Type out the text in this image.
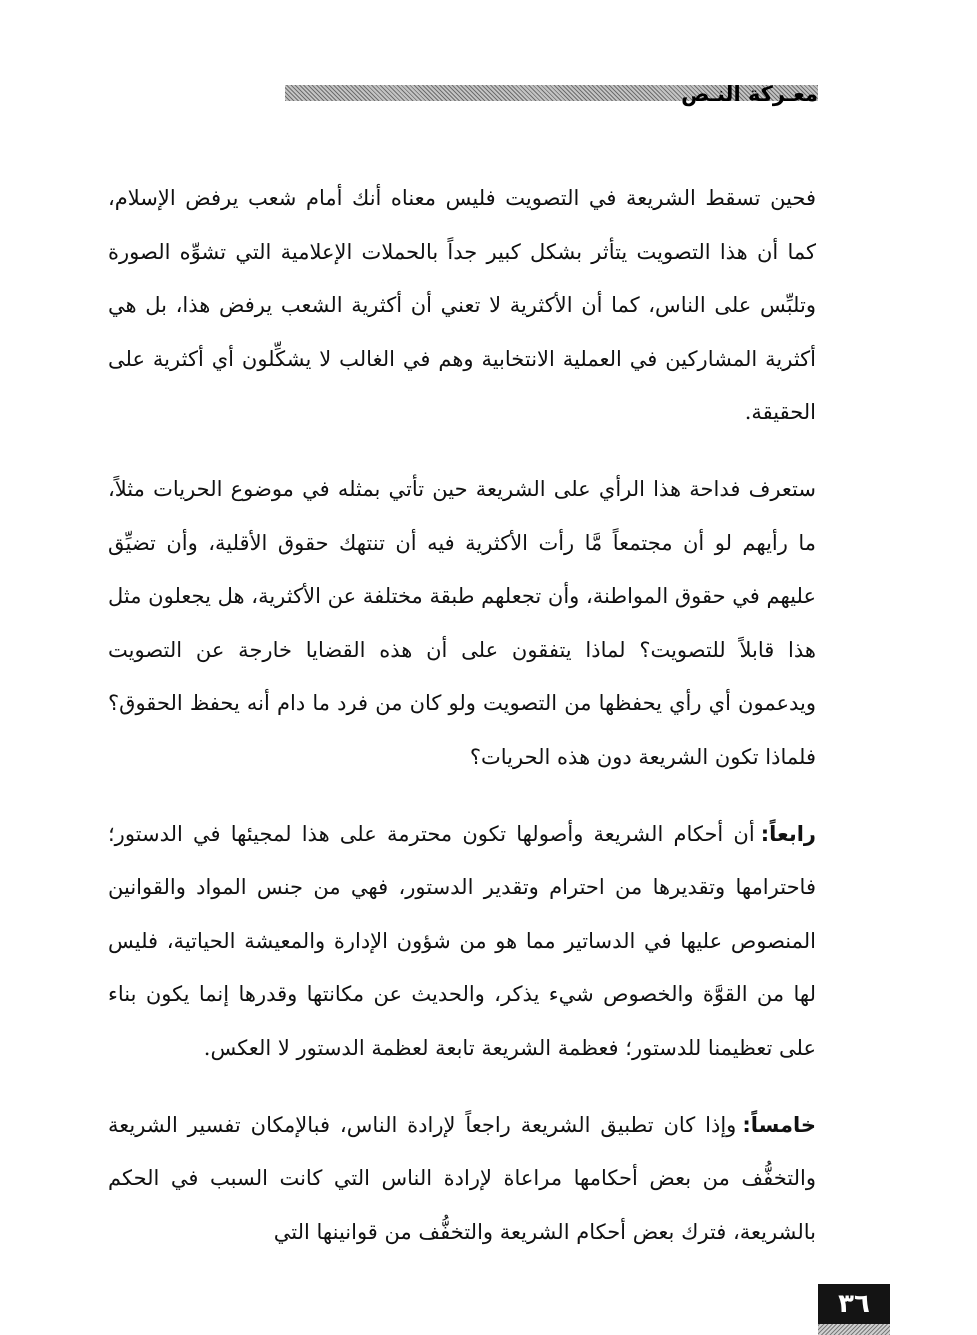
معـركة النـص

فحين تسقط الشريعة في التصويت فليس معناه أنك أمام شعب يرفض الإسلام، كما أن هذا التصويت يتأثر بشكل كبير جداً بالحملات الإعلامية التي تشوِّه الصورة وتلبِّس على الناس، كما أن الأكثرية لا تعني أن أكثرية الشعب يرفض هذا، بل هي أكثرية المشاركين في العملية الانتخابية وهم في الغالب لا يشكِّلون أي أكثرية على الحقيقة.

ستعرف فداحة هذا الرأي على الشريعة حين تأتي بمثله في موضوع الحريات مثلاً، ما رأيهم لو أن مجتمعاً مَّا رأت الأكثرية فيه أن تنتهك حقوق الأقلية، وأن تضيِّق عليهم في حقوق المواطنة، وأن تجعلهم طبقة مختلفة عن الأكثرية، هل يجعلون مثل هذا قابلاً للتصويت؟ لماذا يتفقون على أن هذه القضايا خارجة عن التصويت ويدعمون أي رأي يحفظها من التصويت ولو كان من فرد ما دام أنه يحفظ الحقوق؟ فلماذا تكون الشريعة دون هذه الحريات؟

رابعاً:أن أحكام الشريعة وأصولها تكون محترمة على هذا لمجيئها في الدستور؛ فاحترامها وتقديرها من احترام وتقدير الدستور، فهي من جنس المواد والقوانين المنصوص عليها في الدساتير مما هو من شؤون الإدارة والمعيشة الحياتية، فليس لها من القوَّة والخصوص شيء يذكر، والحديث عن مكانتها وقدرها إنما يكون بناء على تعظيمنا للدستور؛ فعظمة الشريعة تابعة لعظمة الدستور لا العكس.

خامساً:وإذا كان تطبيق الشريعة راجعاً لإرادة الناس، فبالإمكان تفسير الشريعة والتخفُّف من بعض أحكامها مراعاة لإرادة الناس التي كانت السبب في الحكم بالشريعة، فترك بعض أحكام الشريعة والتخفُّف من قوانينها التي

٣٦
